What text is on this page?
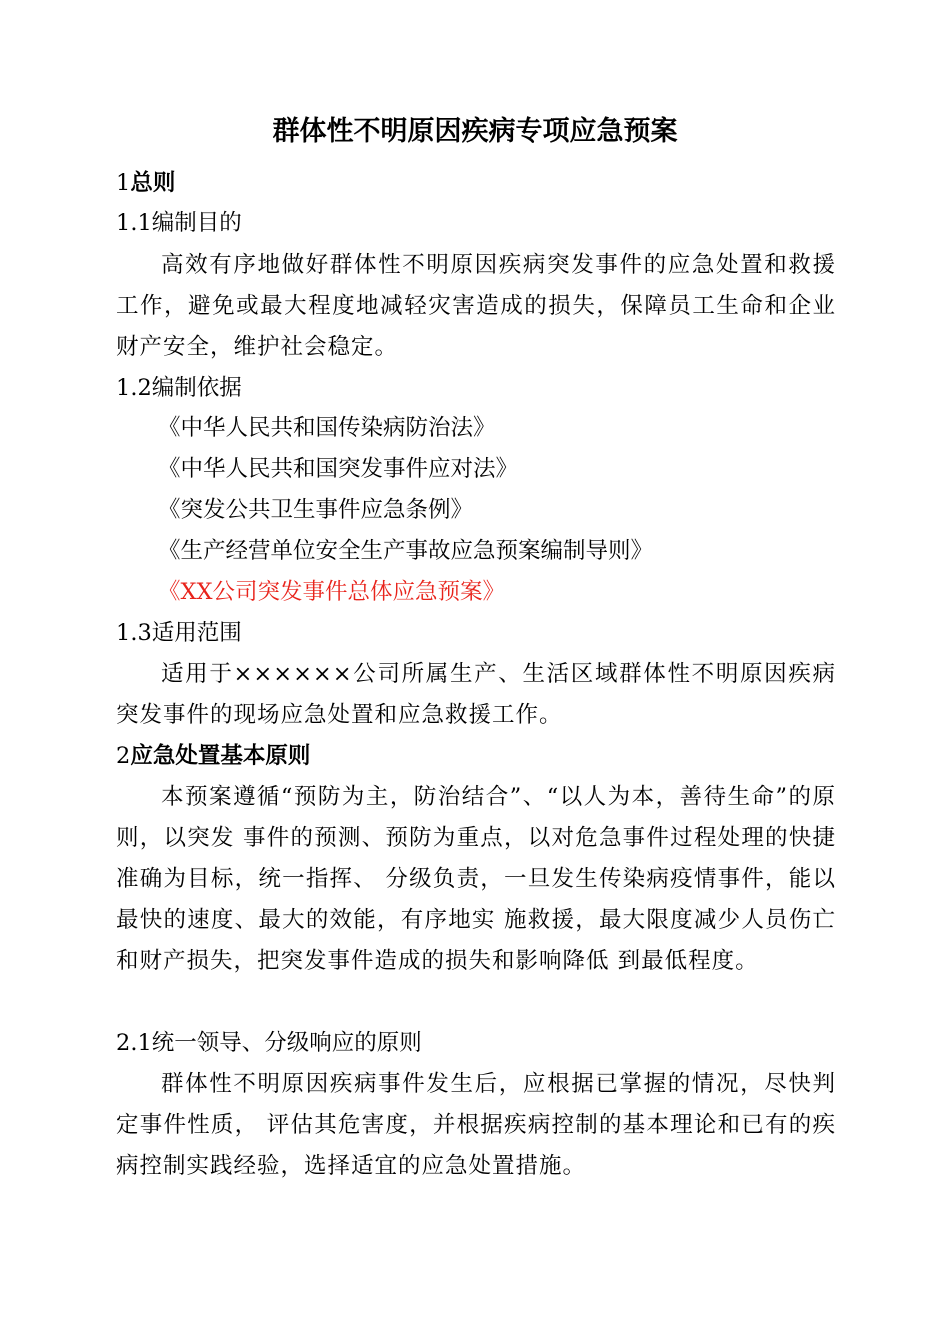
群体性不明原因疾病专项应急预案
1总则
1.1编制目的
高效有序地做好群体性不明原因疾病突发事件的应急处置和救援工作，避免或最大程度地减轻灾害造成的损失，保障员工生命和企业财产安全，维护社会稳定。
1.2编制依据
《中华人民共和国传染病防治法》
《中华人民共和国突发事件应对法》
《突发公共卫生事件应急条例》
《生产经营单位安全生产事故应急预案编制导则》
《XX公司突发事件总体应急预案》
1.3适用范围
适用于××××××公司所属生产、生活区域群体性不明原因疾病突发事件的现场应急处置和应急救援工作。
2应急处置基本原则
本预案遵循“预防为主，防治结合”、“以人为本，善待生命”的原则，以突发 事件的预测、预防为重点，以对危急事件过程处理的快捷准确为目标，统一指挥、 分级负责，一旦发生传染病疫情事件，能以最快的速度、最大的效能，有序地实 施救援，最大限度减少人员伤亡和财产损失，把突发事件造成的损失和影响降低 到最低程度。
2.1统一领导、分级响应的原则
群体性不明原因疾病事件发生后，应根据已掌握的情况，尽快判定事件性质， 评估其危害度，并根据疾病控制的基本理论和已有的疾病控制实践经验，选择适宜的应急处置措施。
